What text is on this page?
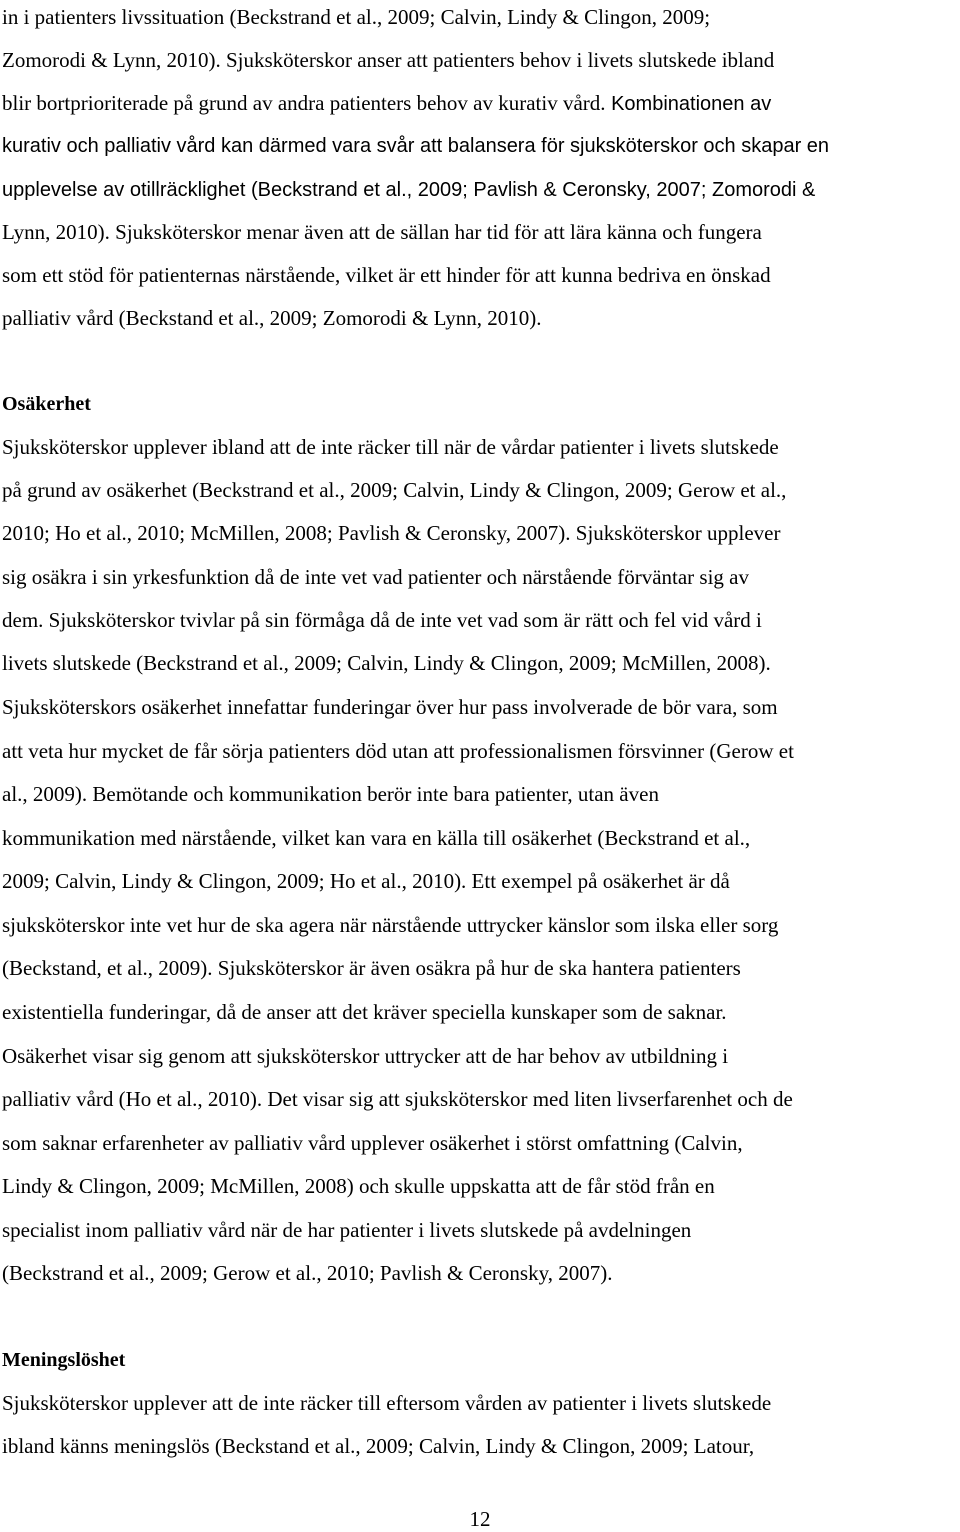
in i patienters livssituation (Beckstrand et al., 2009; Calvin, Lindy & Clingon, 2009;
Zomorodi & Lynn, 2010). Sjuksköterskor anser att patienters behov i livets slutskede ibland
blir bortprioriterade på grund av andra patienters behov av kurativ vård. Kombinationen av
kurativ och palliativ vård kan därmed vara svår att balansera för sjuksköterskor och skapar en
upplevelse av otillräcklighet (Beckstrand et al., 2009; Pavlish & Ceronsky, 2007; Zomorodi &
Lynn, 2010). Sjuksköterskor menar även att de sällan har tid för att lära känna och fungera
som ett stöd för patienternas närstående, vilket är ett hinder för att kunna bedriva en önskad
palliativ vård (Beckstand et al., 2009; Zomorodi & Lynn, 2010).
Osäkerhet
Sjuksköterskor upplever ibland att de inte räcker till när de vårdar patienter i livets slutskede
på grund av osäkerhet (Beckstrand et al., 2009; Calvin, Lindy & Clingon, 2009; Gerow et al.,
2010; Ho et al., 2010; McMillen, 2008; Pavlish & Ceronsky, 2007). Sjuksköterskor upplever
sig osäkra i sin yrkesfunktion då de inte vet vad patienter och närstående förväntar sig av
dem. Sjuksköterskor tvivlar på sin förmåga då de inte vet vad som är rätt och fel vid vård i
livets slutskede (Beckstrand et al., 2009; Calvin, Lindy & Clingon, 2009; McMillen, 2008).
Sjuksköterskors osäkerhet innefattar funderingar över hur pass involverade de bör vara, som
att veta hur mycket de får sörja patienters död utan att professionalismen försvinner (Gerow et
al., 2009). Bemötande och kommunikation berör inte bara patienter, utan även
kommunikation med närstående, vilket kan vara en källa till osäkerhet (Beckstrand et al.,
2009; Calvin, Lindy & Clingon, 2009; Ho et al., 2010). Ett exempel på osäkerhet är då
sjuksköterskor inte vet hur de ska agera när närstående uttrycker känslor som ilska eller sorg
(Beckstand, et al., 2009). Sjuksköterskor är även osäkra på hur de ska hantera patienters
existentiella funderingar, då de anser att det kräver speciella kunskaper som de saknar.
Osäkerhet visar sig genom att sjuksköterskor uttrycker att de har behov av utbildning i
palliativ vård (Ho et al., 2010). Det visar sig att sjuksköterskor med liten livserfarenhet och de
som saknar erfarenheter av palliativ vård upplever osäkerhet i störst omfattning (Calvin,
Lindy & Clingon, 2009; McMillen, 2008) och skulle uppskatta att de får stöd från en
specialist inom palliativ vård när de har patienter i livets slutskede på avdelningen
(Beckstrand et al., 2009; Gerow et al., 2010; Pavlish & Ceronsky, 2007).
Meningslöshet
Sjuksköterskor upplever att de inte räcker till eftersom vården av patienter i livets slutskede
ibland känns meningslös (Beckstand et al., 2009; Calvin, Lindy & Clingon, 2009; Latour,
12
